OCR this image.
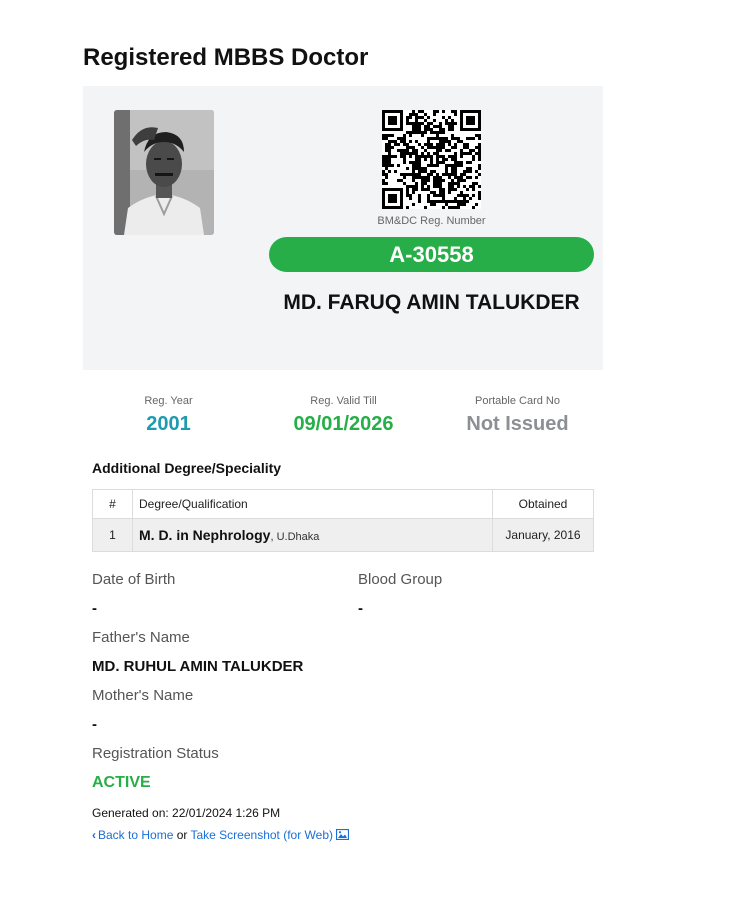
Registered MBBS Doctor
BM&DC Reg. Number
A-30558
MD. FARUQ AMIN TALUKDER
Reg. Year
2001
Reg. Valid Till
09/01/2026
Portable Card No
Not Issued
Additional Degree/Speciality
#	Degree/Qualification	Obtained
1	M. D. in Nephrology, U.Dhaka	January, 2016
Date of Birth
-
Blood Group
-
Father's Name
MD. RUHUL AMIN TALUKDER
Mother's Name
-
Registration Status
ACTIVE
Generated on: 22/01/2024 1:26 PM
‹ Back to Home or Take Screenshot (for Web)
